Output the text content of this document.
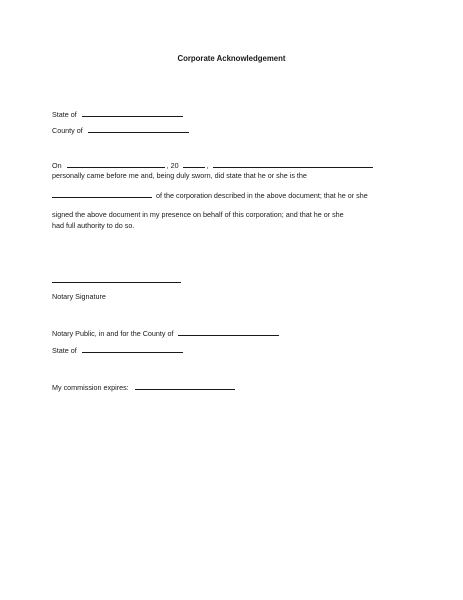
Corporate Acknowledgement
State of
County of
On	, 20	,
personally came before me and, being duly sworn, did state that he or she is the
of the corporation described in the above document; that he or she
signed the above document in my presence on behalf of this corporation; and that he or she
had full authority to do so.
Notary Signature
Notary Public, in and for the County of
State of
My commission expires:
